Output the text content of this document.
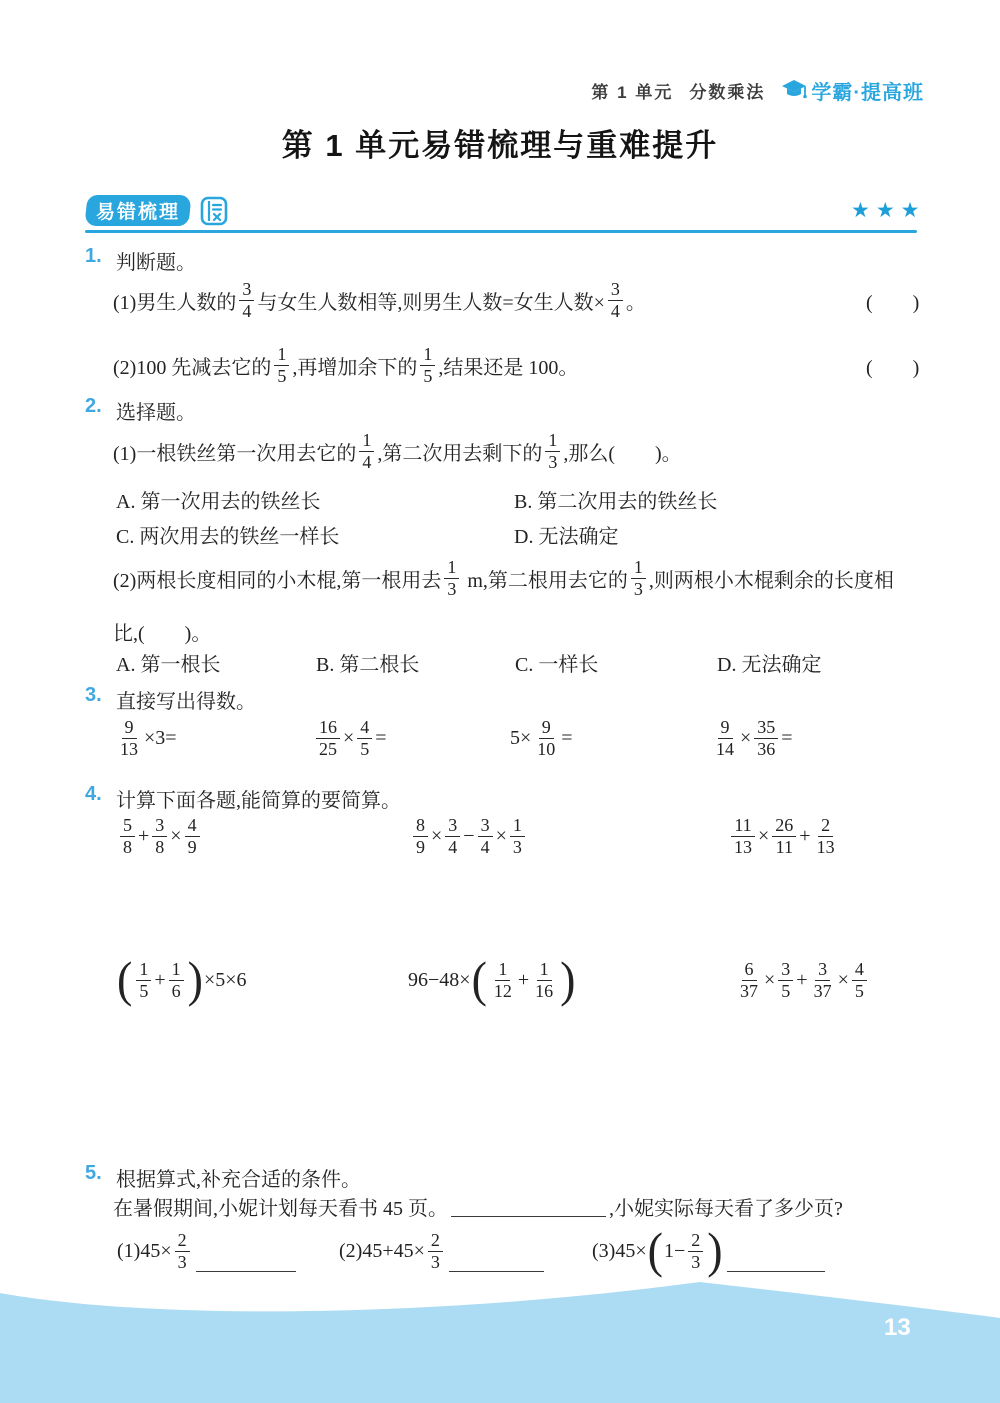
第 1 单元 分数乘法 学霸·提高班
第 1 单元易错梳理与重难提升
易错梳理	★★★
1. 判断题。
(1)男生人数的 $\frac{3}{4}$ 与女生人数相等,则男生人数=女生人数× $\frac{3}{4}$ 。	(　　)
(2)100 先减去它的 $\frac{1}{5}$ ,再增加余下的 $\frac{1}{5}$ ,结果还是 100。	(　　)
2. 选择题。
(1)一根铁丝第一次用去它的 $\frac{1}{4}$ ,第二次用去剩下的 $\frac{1}{3}$ ,那么(　　)。
A. 第一次用去的铁丝长	B. 第二次用去的铁丝长
C. 两次用去的铁丝一样长	D. 无法确定
(2)两根长度相同的小木棍,第一根用去 $\frac{1}{3} m$,第二根用去它的 $\frac{1}{3}$ ,则两根小木棍剩余的长度相
比,(　　)。
A. 第一根长	B. 第二根长	C. 一样长	D. 无法确定
3. 直接写出得数。
$\frac{9}{13} \times 3=$	$\frac{16}{25} \times \frac{4}{5}$ =	$5\times \frac{9}{10}$ =	$\frac{9}{14} \times \frac{35}{36}$ =
4. 计算下面各题,能简算的要简算。
$\frac{5}{8} + \frac{3}{8} \times \frac{4}{9}$	$\frac{8}{9} \times \frac{3}{4} - \frac{3}{4} \times \frac{1}{3}$	$\frac{11}{13} \times \frac{26}{11} + \frac{2}{13}$
( $\frac{1}{5} + \frac{1}{6}$ ) ×5×6	96−48× ( $\frac{1}{12} + \frac{1}{16}$ )	$\frac{6}{37} \times \frac{3}{5} + \frac{3}{37} \times \frac{4}{5}$
5. 根据算式,补充合适的条件。
在暑假期间,小妮计划每天看书 45 页。	,小妮实际每天看了多少页?
$(1)45\times \frac{2}{3}$	$(2)45+45\times \frac{2}{3}$	(3)45× ( $1- \frac{2}{3}$ )
13
